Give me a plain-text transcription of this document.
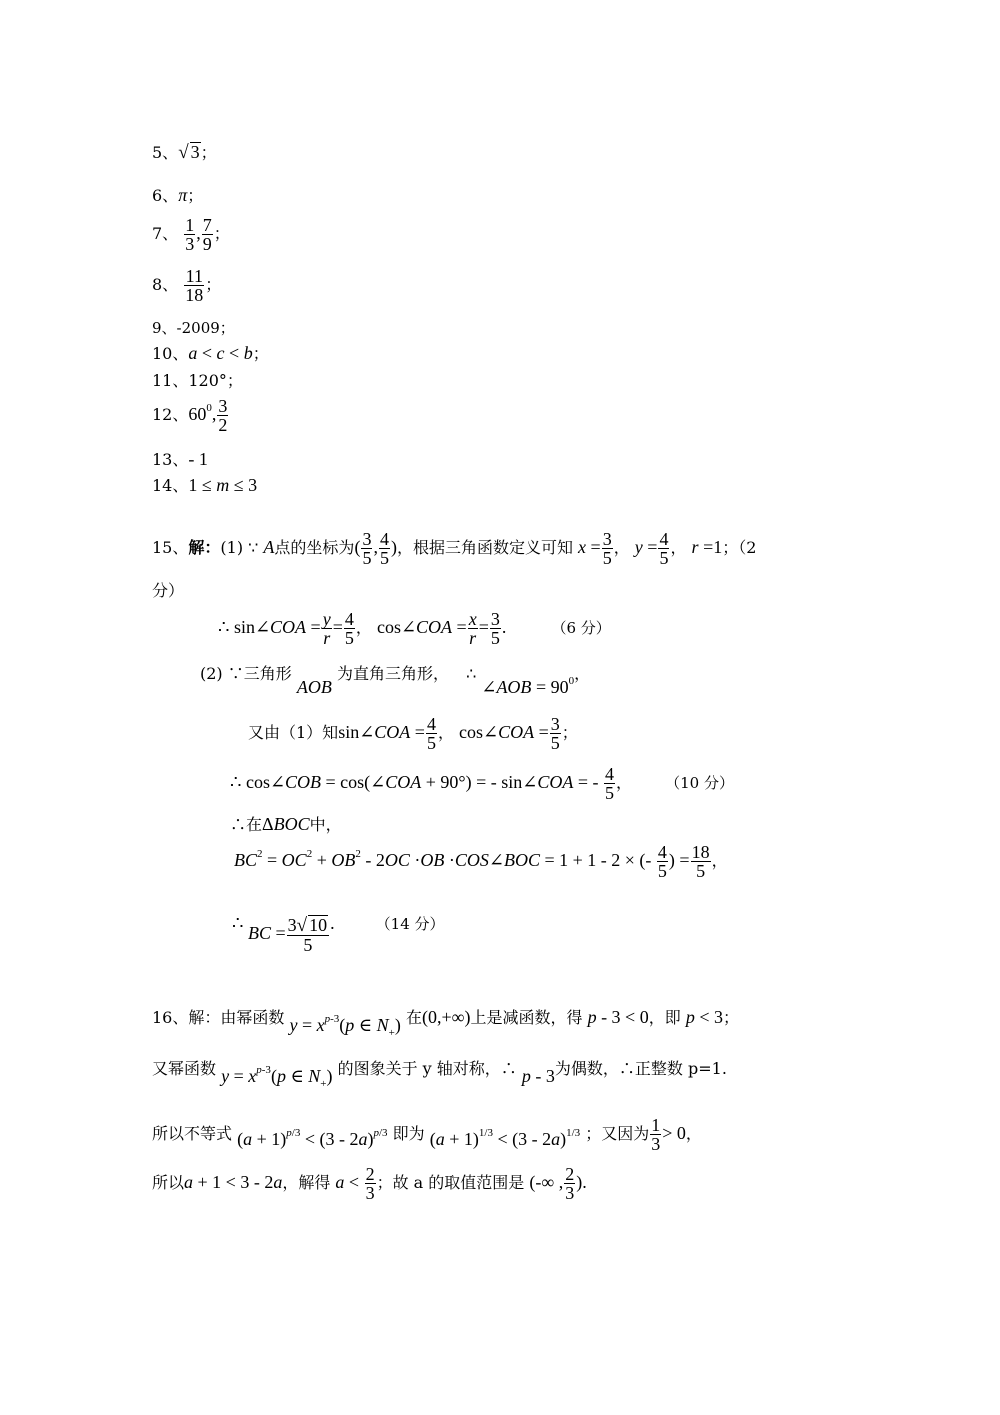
5、√ 3；
6、π；
7、 $\frac{1}{3}$ , $\frac{7}{9}$ ；
8、 $\frac{11}{18}$ ；
9、-2009；
10、a < c < b；
11、120°；
12、$60^0$, $\frac{3}{2}$
13、- 1
14、1 ≤ m ≤ 3
15、解：(1) ∵ A点的坐标为( $\frac{3}{5}$ , $\frac{4}{5}$ )，根据三角函数定义可知 $x = \frac{3}{5}$ ， $y = \frac{4}{5}$ ， r =1；（2
分）
∴ sin∠COA = $\frac{y}{r} = \frac{4}{5}$ ， cos∠COA = $\frac{x}{r} = \frac{3}{5}$ .	（6 分）
(2) ∵三角形 AOB 为直角三角形， ∴ ∠AOB = $90^0$，
又由（1）知sin∠COA = $\frac{4}{5}$ ， cos∠COA = $\frac{3}{5}$ ；
∴ cos∠COB = cos(∠COA + 90°) = - sin∠COA = - $\frac{4}{5}$ ， （10 分）
∴在ΔBOC中，
$BC^2 = OC^2 + OB^2 - 2OC \cdot OB$ ·COS∠BOC = 1 + 1 - 2 × (- $\frac{4}{5}$ ) = $\frac{18}{5}$ ，
∴ BC = $\frac{3√ 10}{5}$ .	（14 分）
16、解：由幂函数 $y = x^{p-3}(p$ ∈ $N_+$) 在(0,+∞)上是减函数，得 p - 3 < 0，即 p < 3；
又幂函数 $y = x^{p-3}(p$ ∈ $N_+$) 的图象关于 y 轴对称，∴ p - 3为偶数，∴正整数 p=1.
所以不等式 $(a + 1)^{p/3} < (3 - 2a)^{p/3}$ 即为 $(a + 1)^{1/3} < (3 - 2a)^{1/3}$ ；又因为 $\frac{1}{3} > 0$，
所以a + 1 < 3 - 2a，解得 $a < \frac{2}{3}$ ；故 a 的取值范围是 (-∞ , $\frac{2}{3}$ ).
